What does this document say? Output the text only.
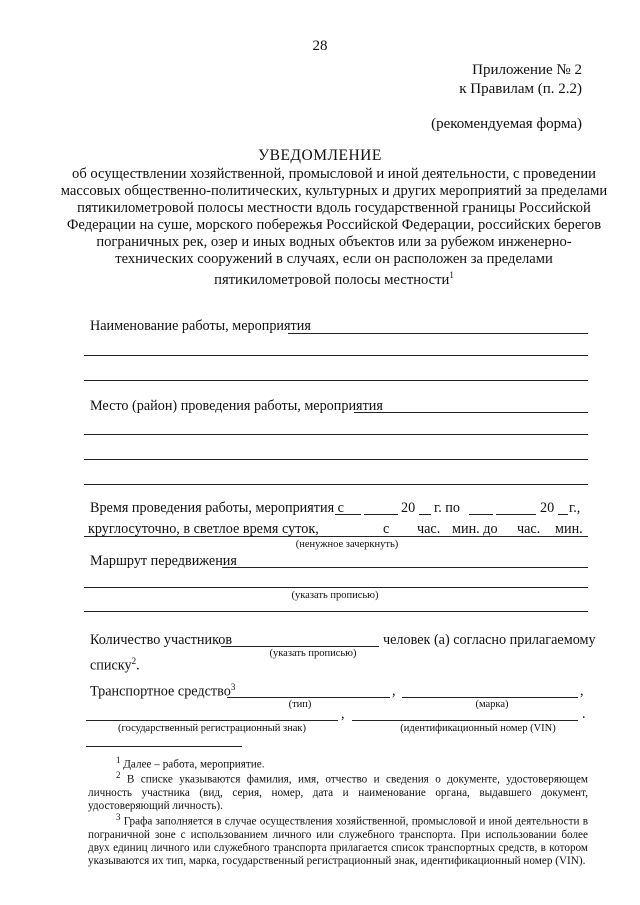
28
Приложение № 2
к Правилам (п. 2.2)
(рекомендуемая форма)
УВЕДОМЛЕНИЕ
об осуществлении хозяйственной, промысловой и иной деятельности, с проведении массовых общественно-политических, культурных и других мероприятий за пределами пятикилометровой полосы местности вдоль государственной границы Российской Федерации на суше, морского побережья Российской Федерации, российских берегов пограничных рек, озер и иных водных объектов или за рубежом инженерно-технических сооружений в случаях, если он расположен за пределами пятикилометровой полосы местности$^1$
Наименование работы, мероприятия
Место (район) проведения работы, мероприятия
Время проведения работы, мероприятия с	20 г. по	20 г.,
круглосуточно, в светлое время суток,	с час. мин. до час. мин.
(ненужное зачеркнуть)
Маршрут передвижения
(указать прописью)
Количество участников	человек (а) согласно прилагаемому
(указать прописью)
списку$^2$.
Транспортное средство$^3$	,	,
(тип)	(марка)
,	.
(государственный регистрационный знак)	(идентификационный номер (VIN)
$^1$ Далее – работа, мероприятие.
$^2$ В списке указываются фамилия, имя, отчество и сведения о документе, удостоверяющем личность участника (вид, серия, номер, дата и наименование органа, выдавшего документ, удостоверяющий личность).
$^3$ Графа заполняется в случае осуществления хозяйственной, промысловой и иной деятельности в пограничной зоне с использованием личного или служебного транспорта. При использовании более двух единиц личного или служебного транспорта прилагается список транспортных средств, в котором указываются их тип, марка, государственный регистрационный знак, идентификационный номер (VIN).
